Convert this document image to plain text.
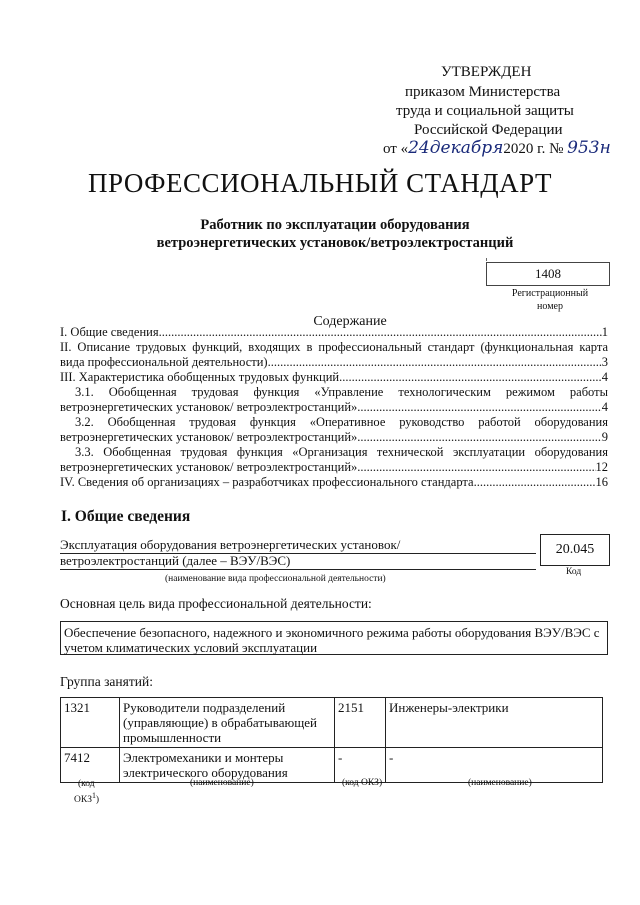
УТВЕРЖДЕН
приказом Министерства
труда и социальной защиты
Российской Федерации
от «24декабря2020 г. № 953н
ПРОФЕССИОНАЛЬНЫЙ СТАНДАРТ
Работник по эксплуатации оборудования
ветроэнергетических установок/ветроэлектростанций
1408
Регистрационный
номер
Содержание
I. Общие сведения .....	1
II. Описание трудовых функций, входящих в профессиональный стандарт (функциональная карта
вида профессиональной деятельности) .....	3
III. Характеристика обобщенных трудовых функций .....	4
3.1. Обобщенная трудовая функция «Управление технологическим режимом работы
ветроэнергетических установок/ ветроэлектростанций» .....	4
3.2. Обобщенная трудовая функция «Оперативное руководство работой оборудования
ветроэнергетических установок/ ветроэлектростанций» .....	9
3.3. Обобщенная трудовая функция «Организация технической эксплуатации оборудования
ветроэнергетических установок/ ветроэлектростанций» .....	12
IV. Сведения об организациях – разработчиках профессионального стандарта .....	16
I. Общие сведения
Эксплуатация оборудования ветроэнергетических установок/
ветроэлектростанций (далее – ВЭУ/ВЭС)
(наименование вида профессиональной деятельности)
20.045
Код
Основная цель вида профессиональной деятельности:
Обеспечение безопасного, надежного и экономичного режима работы оборудования ВЭУ/ВЭС с учетом климатических условий эксплуатации
Группа занятий:
1321	Руководители подразделений (управляющие) в обрабатывающей промышленности	2151	Инженеры-электрики
7412	Электромеханики и монтеры электрического оборудования	-	-
(код
ОКЗ$^1$)
(наименование)	(код ОКЗ)	(наименование)
